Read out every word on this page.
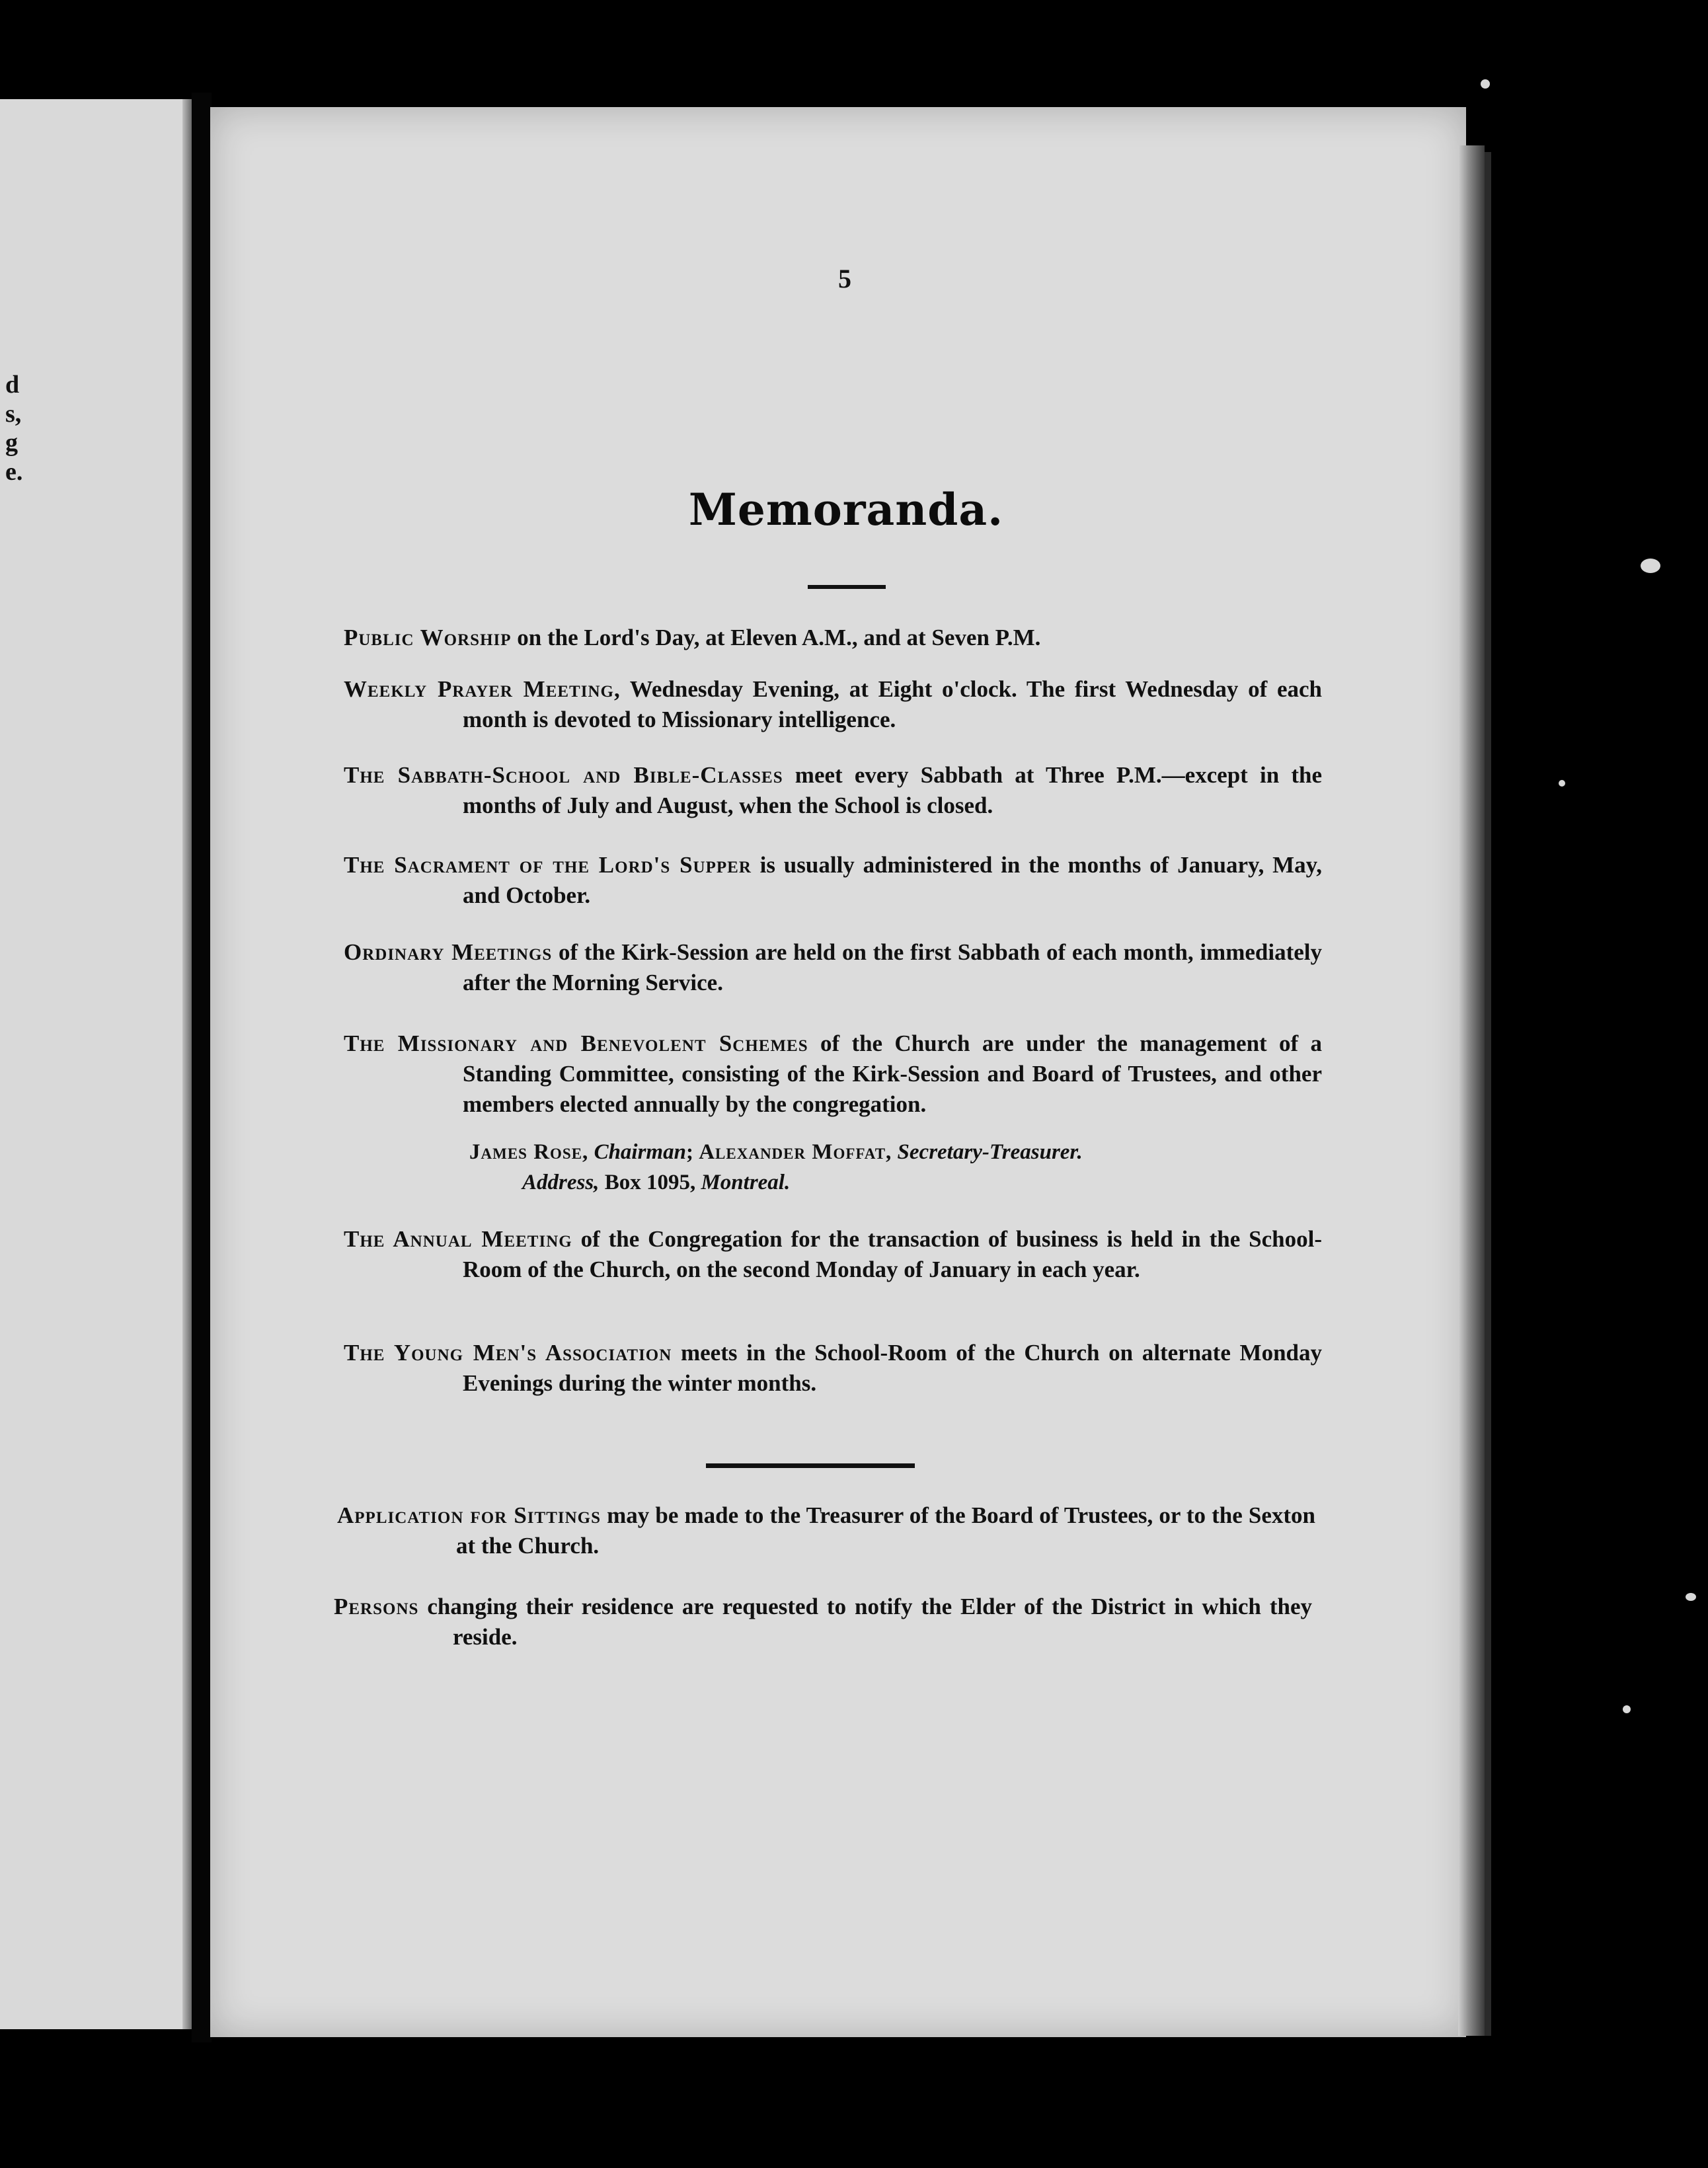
d
s,
g
e.
5
Memoranda.
Public Worship on the Lord's Day, at Eleven A.M., and at Seven P.M.
Weekly Prayer Meeting, Wednesday Evening, at Eight o'clock. The first Wednesday of each month is devoted to Missionary intelligence.
The Sabbath-School and Bible-Classes meet every Sabbath at Three P.M.—except in the months of July and August, when the School is closed.
The Sacrament of the Lord's Supper is usually administered in the months of January, May, and October.
Ordinary Meetings of the Kirk-Session are held on the first Sabbath of each month, immediately after the Morning Service.
The Missionary and Benevolent Schemes of the Church are under the management of a Standing Committee, consisting of the Kirk-Session and Board of Trustees, and other members elected annually by the congregation.
James Rose, Chairman; Alexander Moffat, Secretary-Treasurer.
Address, Box 1095, Montreal.
The Annual Meeting of the Congregation for the transaction of business is held in the School-Room of the Church, on the second Monday of January in each year.
The Young Men's Association meets in the School-Room of the Church on alternate Monday Evenings during the winter months.
Application for Sittings may be made to the Treasurer of the Board of Trustees, or to the Sexton at the Church.
Persons changing their residence are requested to notify the Elder of the District in which they reside.
